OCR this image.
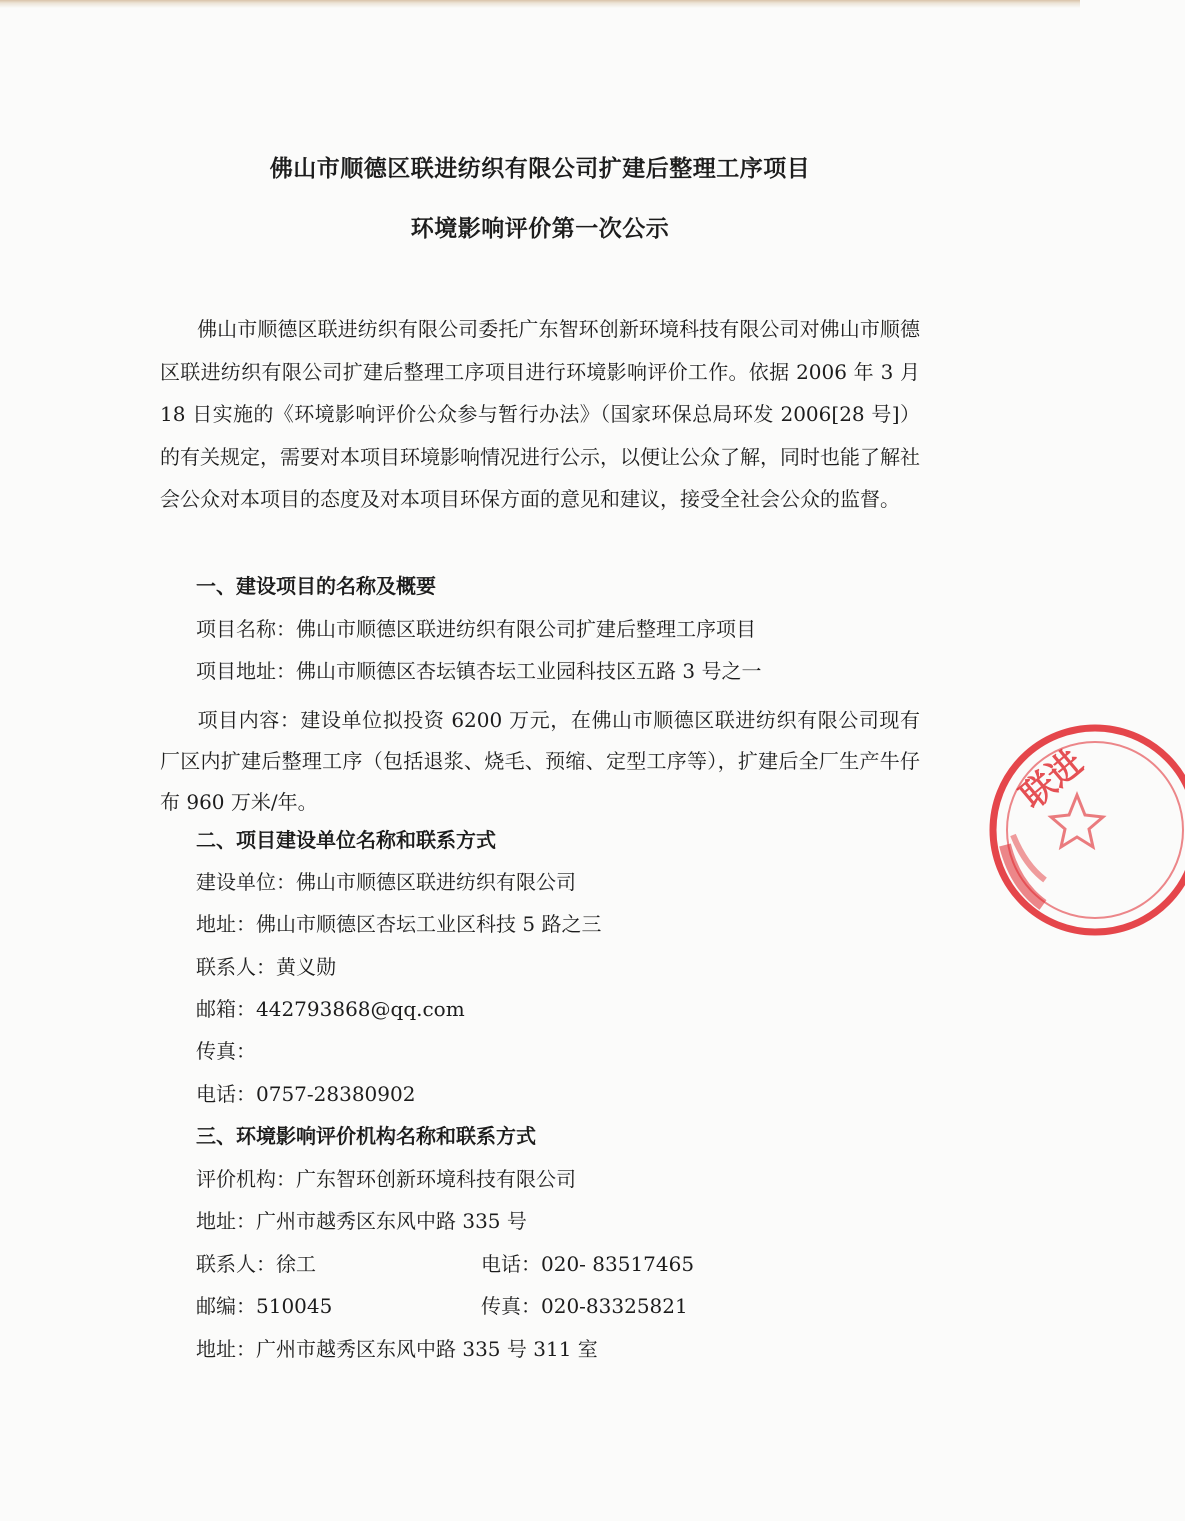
佛山市顺德区联进纺织有限公司扩建后整理工序项目
环境影响评价第一次公示
佛山市顺德区联进纺织有限公司委托广东智环创新环境科技有限公司对佛山市顺德区联进纺织有限公司扩建后整理工序项目进行环境影响评价工作。依据 2006 年 3 月 18 日实施的《环境影响评价公众参与暂行办法》（国家环保总局环发 2006[28 号]）的有关规定，需要对本项目环境影响情况进行公示，以便让公众了解，同时也能了解社会公众对本项目的态度及对本项目环保方面的意见和建议，接受全社会公众的监督。
一、建设项目的名称及概要
项目名称：佛山市顺德区联进纺织有限公司扩建后整理工序项目
项目地址：佛山市顺德区杏坛镇杏坛工业园科技区五路 3 号之一
项目内容：建设单位拟投资 6200 万元，在佛山市顺德区联进纺织有限公司现有厂区内扩建后整理工序（包括退浆、烧毛、预缩、定型工序等），扩建后全厂生产牛仔布 960 万米/年。
二、项目建设单位名称和联系方式
建设单位：佛山市顺德区联进纺织有限公司
地址：佛山市顺德区杏坛工业区科技 5 路之三
联系人：黄义勋
邮箱：442793868@qq.com
传真：
电话：0757-28380902
三、环境影响评价机构名称和联系方式
评价机构：广东智环创新环境科技有限公司
地址：广州市越秀区东风中路 335 号
联系人：徐工	电话：020- 83517465
邮编：510045	传真：020-83325821
地址：广州市越秀区东风中路 335 号 311 室
联进
